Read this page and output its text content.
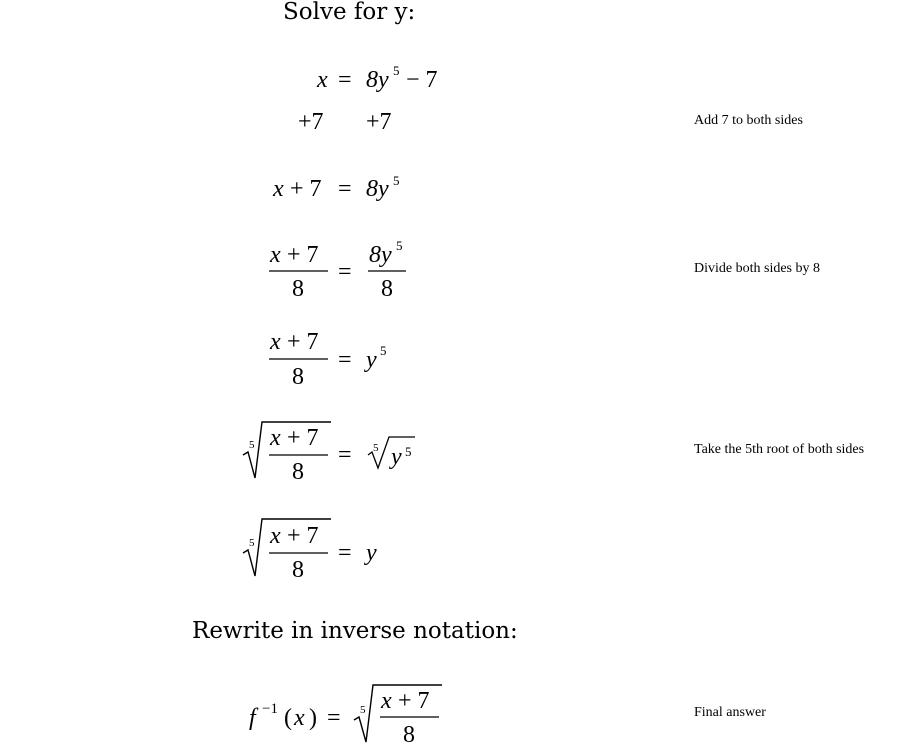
Solve for y:
Rewrite in inverse notation:
Add 7 to both sides
Divide both sides by 8
Take the 5th root of both sides
Final answer
x = 8y 5 − 7
+7 +7
x + 7 = 8y 5
x + 7
8
=
8y 5
8
x + 7
8
= y 5
5 x + 7
8
= 5 y 5
5 x + 7
8
= y
f −1 ( x ) = 5 x + 7
8
